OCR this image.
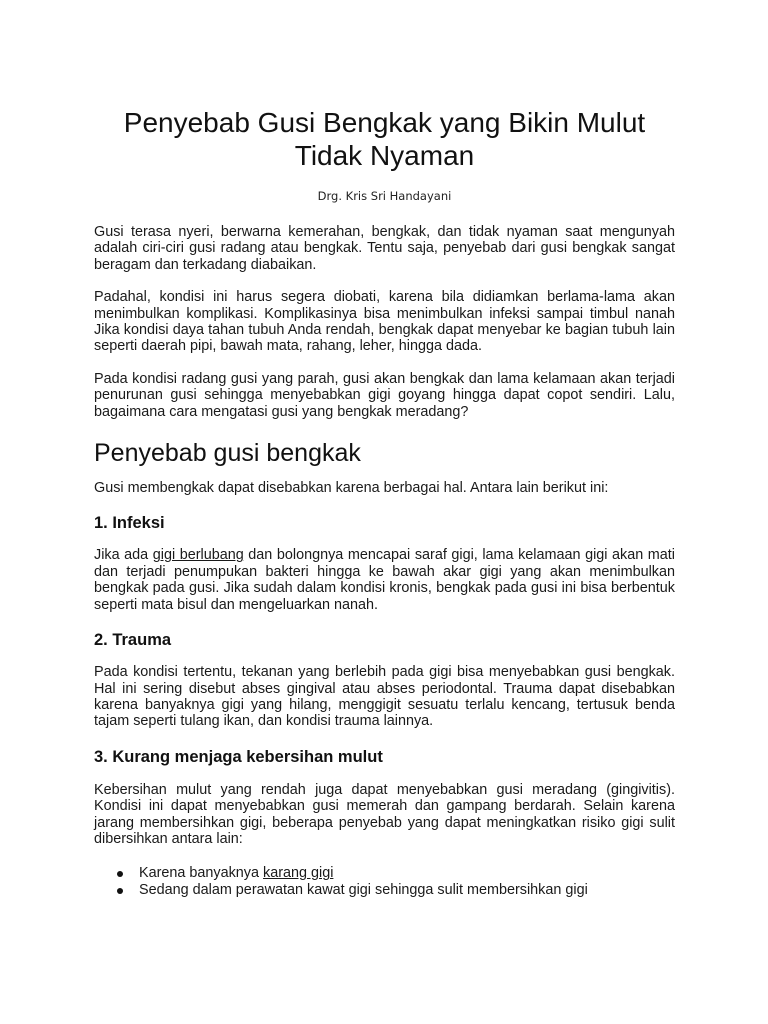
Penyebab Gusi Bengkak yang Bikin Mulut Tidak Nyaman
Drg. Kris Sri Handayani

Gusi terasa nyeri, berwarna kemerahan, bengkak, dan tidak nyaman saat mengunyah adalah ciri-ciri gusi radang atau bengkak. Tentu saja, penyebab dari gusi bengkak sangat beragam dan terkadang diabaikan.

Padahal, kondisi ini harus segera diobati, karena bila didiamkan berlama-lama akan menimbulkan komplikasi. Komplikasinya bisa menimbulkan infeksi sampai timbul nanah Jika kondisi daya tahan tubuh Anda rendah, bengkak dapat menyebar ke bagian tubuh lain seperti daerah pipi, bawah mata, rahang, leher, hingga dada.

Pada kondisi radang gusi yang parah, gusi akan bengkak dan lama kelamaan akan terjadi penurunan gusi sehingga menyebabkan gigi goyang hingga dapat copot sendiri. Lalu, bagaimana cara mengatasi gusi yang bengkak meradang?

Penyebab gusi bengkak

Gusi membengkak dapat disebabkan karena berbagai hal. Antara lain berikut ini:

1. Infeksi

Jika ada gigi berlubang dan bolongnya mencapai saraf gigi, lama kelamaan gigi akan mati dan terjadi penumpukan bakteri hingga ke bawah akar gigi yang akan menimbulkan bengkak pada gusi. Jika sudah dalam kondisi kronis, bengkak pada gusi ini bisa berbentuk seperti mata bisul dan mengeluarkan nanah.

2. Trauma

Pada kondisi tertentu, tekanan yang berlebih pada gigi bisa menyebabkan gusi bengkak. Hal ini sering disebut abses gingival atau abses periodontal. Trauma dapat disebabkan karena banyaknya gigi yang hilang, menggigit sesuatu terlalu kencang, tertusuk benda tajam seperti tulang ikan, dan kondisi trauma lainnya.

3. Kurang menjaga kebersihan mulut

Kebersihan mulut yang rendah juga dapat menyebabkan gusi meradang (gingivitis). Kondisi ini dapat menyebabkan gusi memerah dan gampang berdarah. Selain karena jarang membersihkan gigi, beberapa penyebab yang dapat meningkatkan risiko gigi sulit dibersihkan antara lain:

Karena banyaknya karang gigi
Sedang dalam perawatan kawat gigi sehingga sulit membersihkan gigi
